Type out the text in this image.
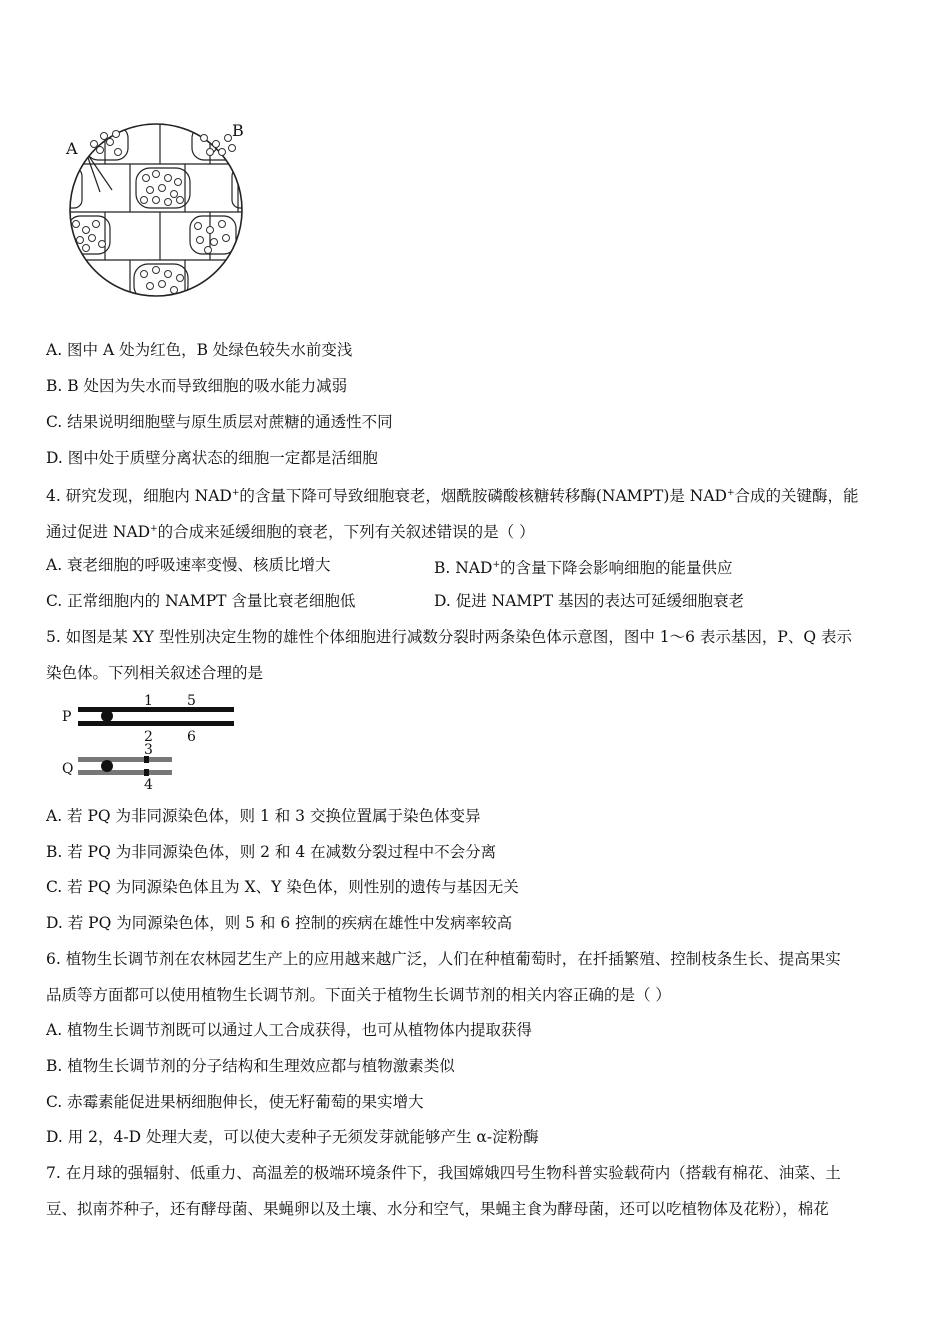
A
B
A. 图中 A 处为红色，B 处绿色较失水前变浅
B. B 处因为失水而导致细胞的吸水能力减弱
C. 结果说明细胞壁与原生质层对蔗糖的通透性不同
D. 图中处于质壁分离状态的细胞一定都是活细胞
4. 研究发现，细胞内 NAD+的含量下降可导致细胞衰老，烟酰胺磷酸核糖转移酶(NAMPT)是 NAD+合成的关键酶，能
通过促进 NAD+的合成来延缓细胞的衰老，下列有关叙述错误的是（ ）
A. 衰老细胞的呼吸速率变慢、核质比增大	B. NAD+的含量下降会影响细胞的能量供应
C. 正常细胞内的 NAMPT 含量比衰老细胞低	D. 促进 NAMPT 基因的表达可延缓细胞衰老
5. 如图是某 XY 型性别决定生物的雄性个体细胞进行减数分裂时两条染色体示意图，图中 1～6 表示基因，P、Q 表示
染色体。下列相关叙述合理的是
P
Q
1 5
2 6
3
4
A. 若 PQ 为非同源染色体，则 1 和 3 交换位置属于染色体变异
B. 若 PQ 为非同源染色体，则 2 和 4 在减数分裂过程中不会分离
C. 若 PQ 为同源染色体且为 X、Y 染色体，则性别的遗传与基因无关
D. 若 PQ 为同源染色体，则 5 和 6 控制的疾病在雄性中发病率较高
6. 植物生长调节剂在农林园艺生产上的应用越来越广泛，人们在种植葡萄时，在扦插繁殖、控制枝条生长、提高果实
品质等方面都可以使用植物生长调节剂。下面关于植物生长调节剂的相关内容正确的是（ ）
A. 植物生长调节剂既可以通过人工合成获得，也可从植物体内提取获得
B. 植物生长调节剂的分子结构和生理效应都与植物激素类似
C. 赤霉素能促进果柄细胞伸长，使无籽葡萄的果实增大
D. 用 2，4-D 处理大麦，可以使大麦种子无须发芽就能够产生 α-淀粉酶
7. 在月球的强辐射、低重力、高温差的极端环境条件下，我国嫦娥四号生物科普实验载荷内（搭载有棉花、油菜、土
豆、拟南芥种子，还有酵母菌、果蝇卵以及土壤、水分和空气，果蝇主食为酵母菌，还可以吃植物体及花粉），棉花
